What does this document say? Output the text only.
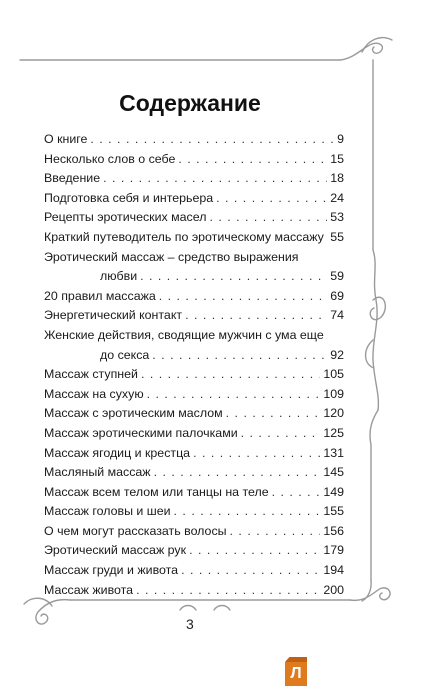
Содержание
О книге . . .	9
Несколько слов о себе . . .	15
Введение . . .	18
Подготовка себя и интерьера . . .	24
Рецепты эротических масел . . .	53
Краткий путеводитель по эротическому массажу . . . 55
Эротический массаж – средство выражения
любви . . .	59
20 правил массажа . . .	69
Энергетический контакт . . .	74
Женские действия, сводящие мужчин с ума еще
до секса . . .	92
Массаж ступней . . .	105
Массаж на сухую . . .	109
Массаж с эротическим маслом . . .	120
Массаж эротическими палочками . . .	125
Массаж ягодиц и крестца . . .	131
Масляный массаж . . .	145
Массаж всем телом или танцы на теле . . .	149
Массаж головы и шеи . . .	155
О чем могут рассказать волосы . . .	156
Эротический массаж рук . . .	179
Массаж груди и живота . . .	194
Массаж живота . . .	200
3
Л
